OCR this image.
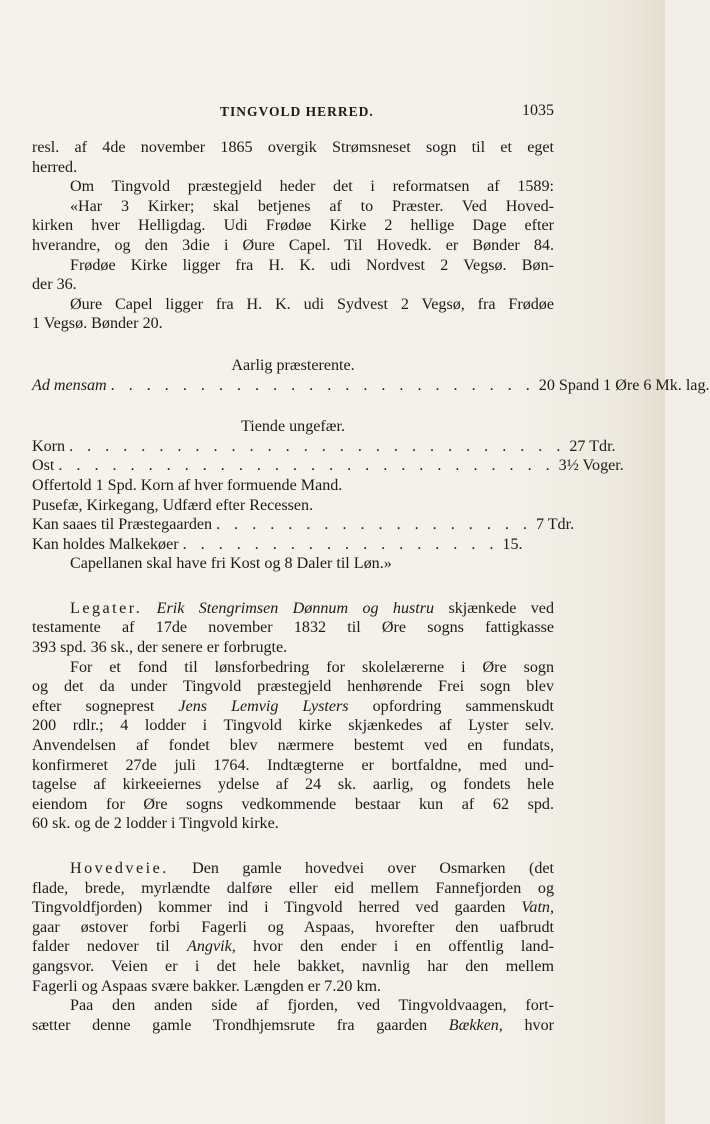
TINGVOLD HERRED.	1035
resl. af 4de november 1865 overgik Strømsneset sogn til et eget
herred.
Om Tingvold præstegjeld heder det i reformatsen af 1589:
«Har 3 Kirker; skal betjenes af to Præster. Ved Hoved-
kirken hver Helligdag. Udi Frødøe Kirke 2 hellige Dage efter
hverandre, og den 3die i Øure Capel. Til Hovedk. er Bønder 84.
Frødøe Kirke ligger fra H. K. udi Nordvest 2 Vegsø. Bøn-
der 36.
Øure Capel ligger fra H. K. udi Sydvest 2 Vegsø, fra Frødøe
1 Vegsø. Bønder 20.
Aarlig præsterente.
Ad mensam . . . . . . . . . . . . . . . . . . . . . . . . 20 Spand 1 Øre 6 Mk. lag.
Tiende ungefær.
Korn . . . . . . . . . . . . . . . . . . . . . . . . . . . . 27 Tdr.
Ost . . . . . . . . . . . . . . . . . . . . . . . . . . . . 3½ Voger.
Offertold 1 Spd. Korn af hver formuende Mand.
Pusefæ, Kirkegang, Udfærd efter Recessen.
Kan saaes til Præstegaarden . . . . . . . . . . . . . . . . . . 7 Tdr.
Kan holdes Malkekøer . . . . . . . . . . . . . . . . . . 15.
Capellanen skal have fri Kost og 8 Daler til Løn.»
Legater. Erik Stengrimsen Dønnum og hustru skjænkede ved
testamente af 17de november 1832 til Øre sogns fattigkasse
393 spd. 36 sk., der senere er forbrugte.
For et fond til lønsforbedring for skolelærerne i Øre sogn
og det da under Tingvold præstegjeld henhørende Frei sogn blev
efter sogneprest Jens Lemvig Lysters opfordring sammenskudt
200 rdlr.; 4 lodder i Tingvold kirke skjænkedes af Lyster selv.
Anvendelsen af fondet blev nærmere bestemt ved en fundats,
konfirmeret 27de juli 1764. Indtægterne er bortfaldne, med und-
tagelse af kirkeeiernes ydelse af 24 sk. aarlig, og fondets hele
eiendom for Øre sogns vedkommende bestaar kun af 62 spd.
60 sk. og de 2 lodder i Tingvold kirke.
Hovedveie. Den gamle hovedvei over Osmarken (det
flade, brede, myrlændte dalføre eller eid mellem Fannefjorden og
Tingvoldfjorden) kommer ind i Tingvold herred ved gaarden Vatn,
gaar østover forbi Fagerli og Aspaas, hvorefter den uafbrudt
falder nedover til Angvik, hvor den ender i en offentlig land-
gangsvor. Veien er i det hele bakket, navnlig har den mellem
Fagerli og Aspaas svære bakker. Længden er 7.20 km.
Paa den anden side af fjorden, ved Tingvoldvaagen, fort-
sætter denne gamle Trondhjemsrute fra gaarden Bækken, hvor
